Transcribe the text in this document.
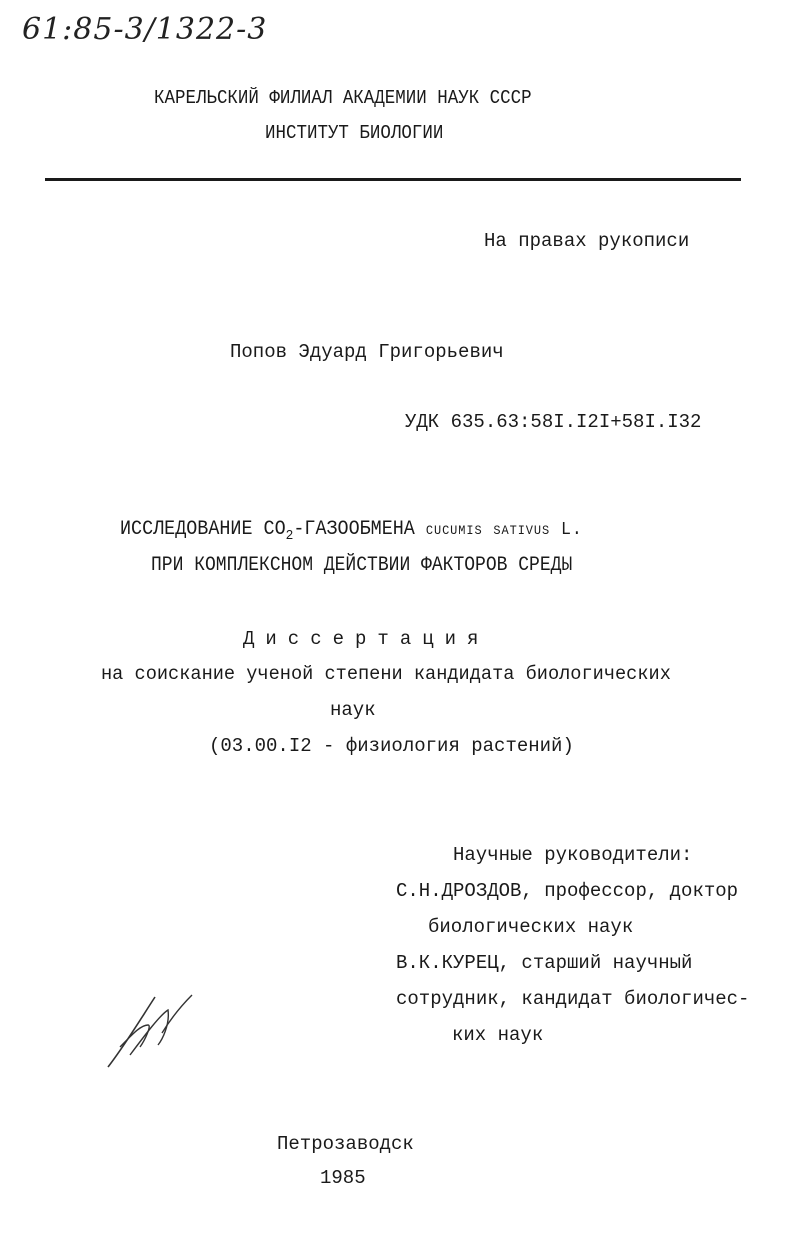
61:85-3/1322-3
КАРЕЛЬСКИЙ ФИЛИАЛ АКАДЕМИИ НАУК СССР
ИНСТИТУТ БИОЛОГИИ
На правах рукописи
Попов Эдуард Григорьевич
УДК 635.63:58I.I2I+58I.I32
ИССЛЕДОВАНИЕ $CO_2$-ГАЗООБМЕНА cucumis sativus L.
ПРИ КОМПЛЕКСНОМ ДЕЙСТВИИ ФАКТОРОВ СРЕДЫ
Диссертация
на соискание ученой степени кандидата биологических
наук
(03.00.I2 - физиология растений)
Научные руководители:
С.Н.ДРОЗДОВ, профессор, доктор
биологических наук
В.К.КУРЕЦ, старший научный
сотрудник, кандидат биологичес-
ких наук
Петрозаводск
1985
